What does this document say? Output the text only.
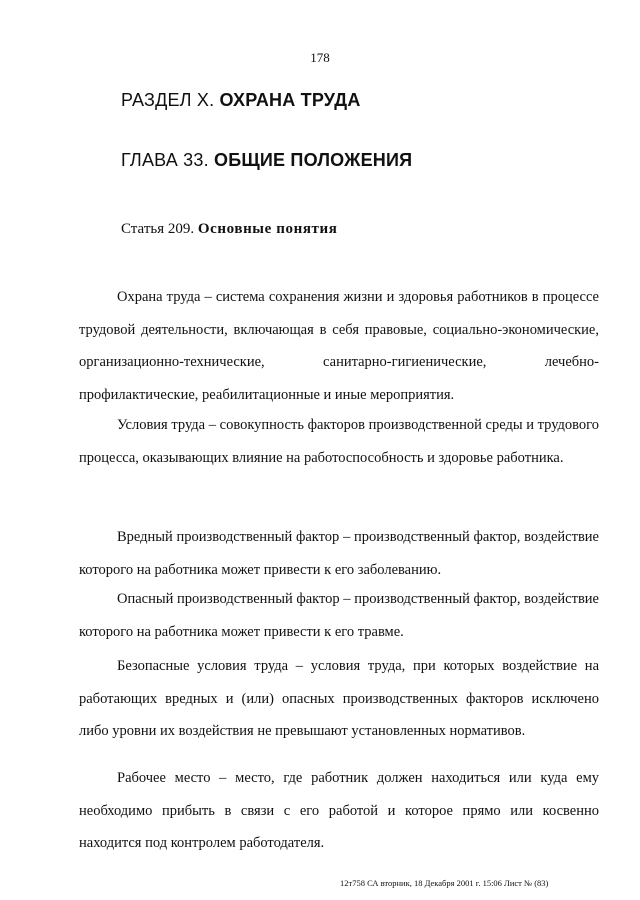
178
РАЗДЕЛ X. ОХРАНА ТРУДА
ГЛАВА 33. ОБЩИЕ ПОЛОЖЕНИЯ
Статья 209. Основные понятия
Охрана труда – система сохранения жизни и здоровья работников в процессе трудовой деятельности, включающая в себя правовые, социально-экономические, организационно-технические, санитарно-гигиенические, лечебно-профилактические, реабилитационные и иные мероприятия.
Условия труда – совокупность факторов производственной среды и трудового процесса, оказывающих влияние на работоспособность и здоровье работника.
Вредный производственный фактор – производственный фактор, воздействие которого на работника может привести к его заболеванию.
Опасный производственный фактор – производственный фактор, воздействие которого на работника может привести к его травме.
Безопасные условия труда – условия труда, при которых воздействие на работающих вредных и (или) опасных производственных факторов исключено либо уровни их воздействия не превышают установленных нормативов.
Рабочее место – место, где работник должен находиться или куда ему необходимо прибыть в связи с его работой и которое прямо или косвенно находится под контролем работодателя.
12т758 СА вторник, 18 Декабря 2001 г. 15:06 Лист № (83)
